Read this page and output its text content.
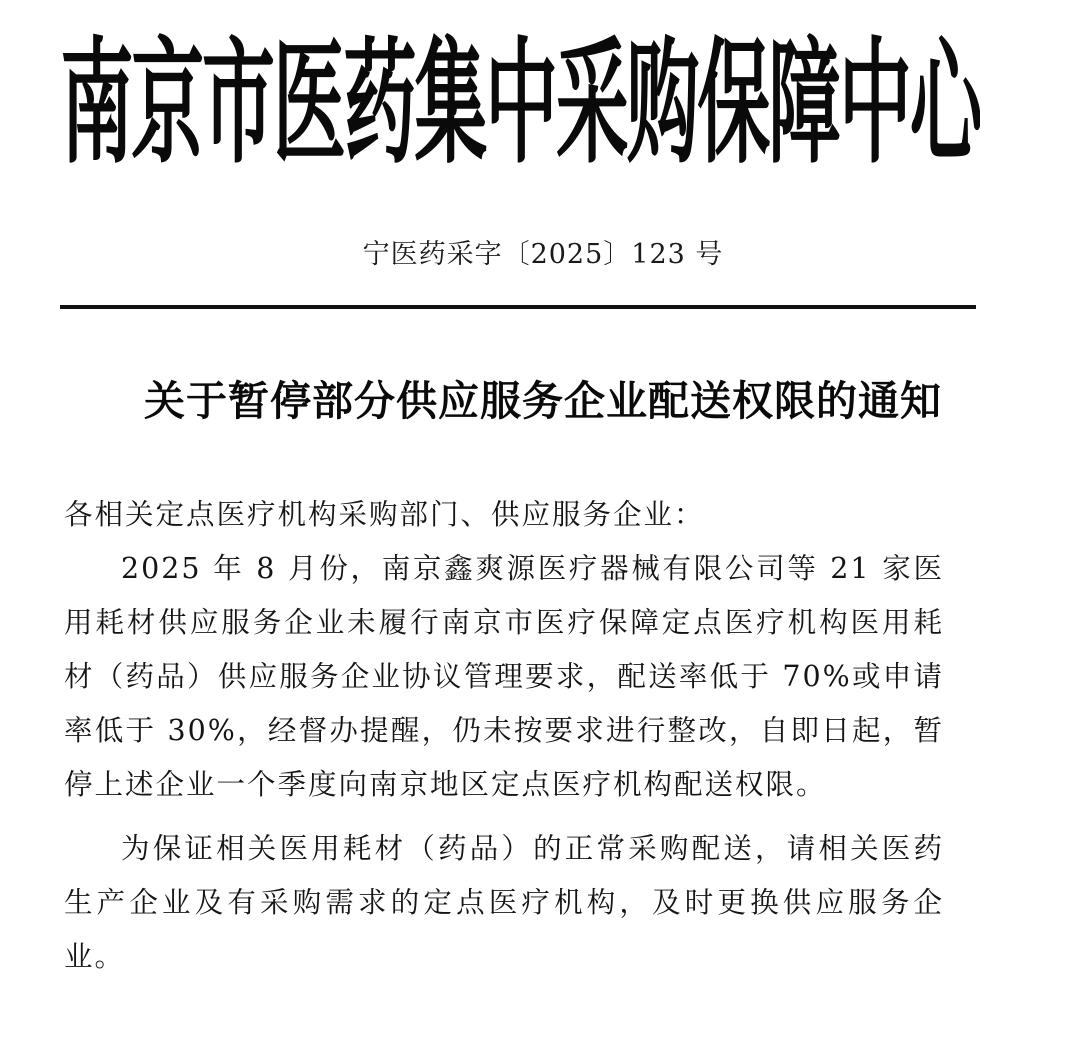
南京市医药集中采购保障中心
宁医药采字〔2025〕123 号
关于暂停部分供应服务企业配送权限的通知

各相关定点医疗机构采购部门、供应服务企业：

2025 年 8 月份，南京鑫爽源医疗器械有限公司等 21 家医用耗材供应服务企业未履行南京市医疗保障定点医疗机构医用耗材（药品）供应服务企业协议管理要求，配送率低于 70%或申请率低于 30%，经督办提醒，仍未按要求进行整改，自即日起，暂停上述企业一个季度向南京地区定点医疗机构配送权限。

为保证相关医用耗材（药品）的正常采购配送，请相关医药生产企业及有采购需求的定点医疗机构，及时更换供应服务企业。
